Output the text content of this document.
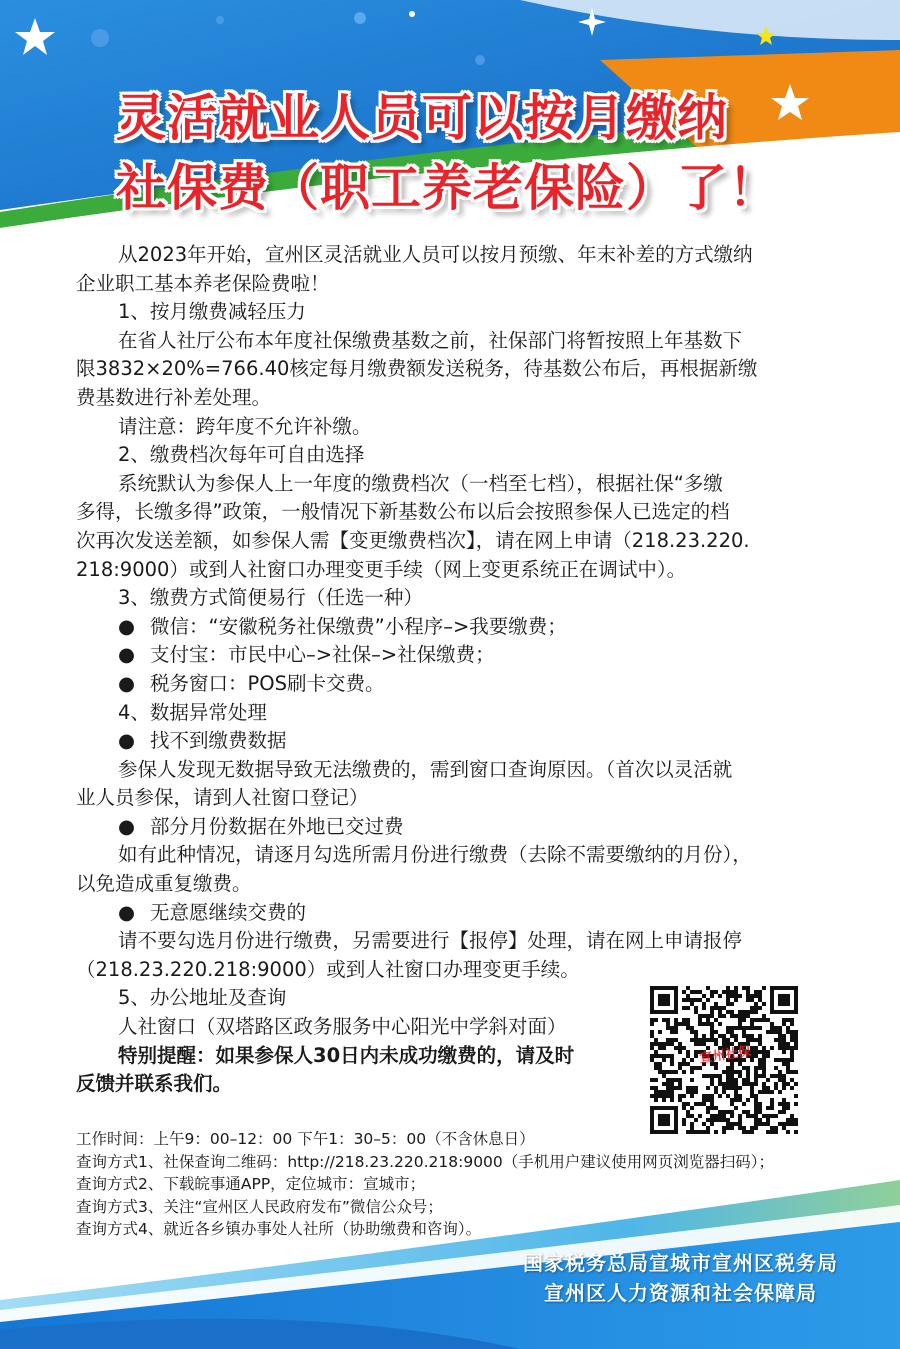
灵活就业人员可以按月缴纳
社保费（职工养老保险）了！

从2023年开始，宣州区灵活就业人员可以按月预缴、年末补差的方式缴纳

企业职工基本养老保险费啦！

1、按月缴费减轻压力

在省人社厅公布本年度社保缴费基数之前，社保部门将暂按照上年基数下

限3832×20%=766.40核定每月缴费额发送税务，待基数公布后，再根据新缴

费基数进行补差处理。

请注意：跨年度不允许补缴。

2、缴费档次每年可自由选择

系统默认为参保人上一年度的缴费档次（一档至七档），根据社保“多缴

多得，长缴多得”政策，一般情况下新基数公布以后会按照参保人已选定的档

次再次发送差额，如参保人需【变更缴费档次】，请在网上申请（218.23.220.

218:9000）或到人社窗口办理变更手续（网上变更系统正在调试中）。

3、缴费方式简便易行（任选一种）

● 微信：“安徽税务社保缴费”小程序–>我要缴费；

● 支付宝：市民中心–>社保–>社保缴费；

● 税务窗口：POS刷卡交费。

4、数据异常处理

● 找不到缴费数据

参保人发现无数据导致无法缴费的，需到窗口查询原因。（首次以灵活就

业人员参保，请到人社窗口登记）

● 部分月份数据在外地已交过费

如有此种情况，请逐月勾选所需月份进行缴费（去除不需要缴纳的月份），

以免造成重复缴费。

● 无意愿继续交费的

请不要勾选月份进行缴费，另需要进行【报停】处理，请在网上申请报停

（218.23.220.218:9000）或到人社窗口办理变更手续。

5、办公地址及查询

人社窗口（双塔路区政务服务中心阳光中学斜对面）

特别提醒：如果参保人30日内未成功缴费的，请及时

反馈并联系我们。

宣州社保

工作时间：上午9：00–12：00 下午1：30–5：00（不含休息日）

查询方式1、社保查询二维码：http://218.23.220.218:9000（手机用户建议使用网页浏览器扫码）；

查询方式2、下载皖事通APP，定位城市：宣城市；

查询方式3、关注“宣州区人民政府发布”微信公众号；

查询方式4、就近各乡镇办事处人社所（协助缴费和咨询）。

国家税务总局宣城市宣州区税务局

宣州区人力资源和社会保障局
